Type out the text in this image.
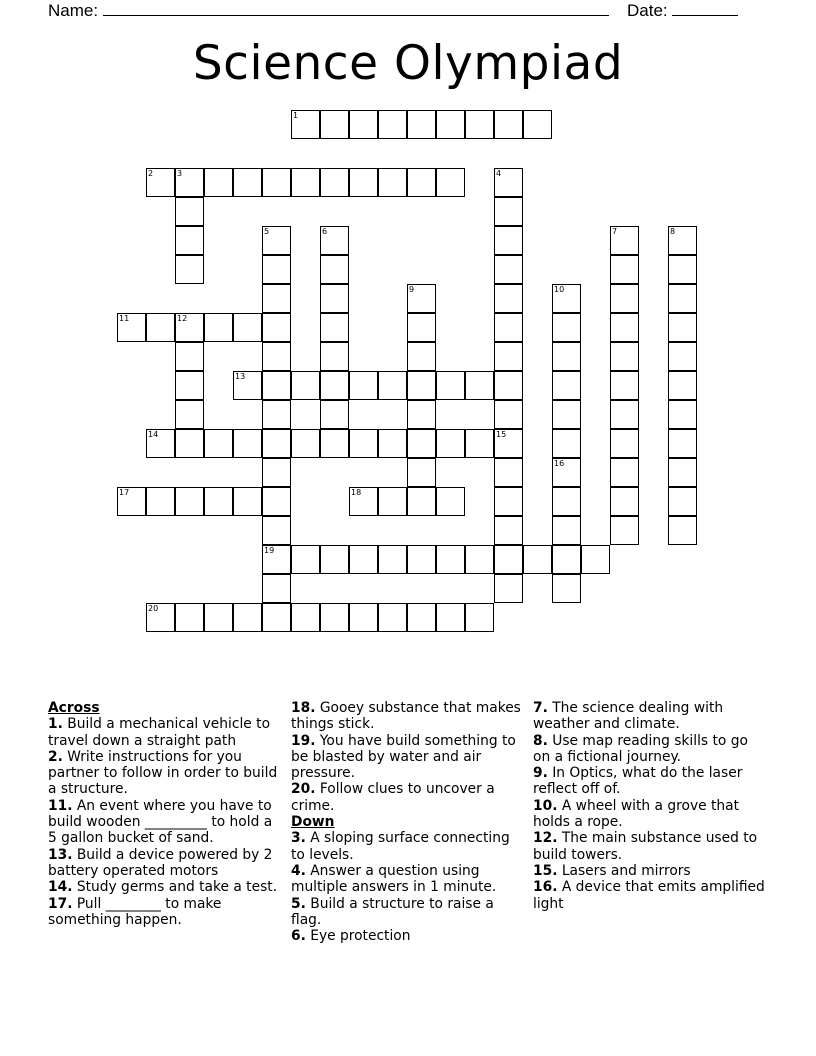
Name:	Date:
Science Olympiad
1
2	3	4
5
19
6	7	8
9	10
11	12
13
14	15
16
17	18
20
Across
1. Build a mechanical vehicle to travel down a straight path
2. Write instructions for you partner to follow in order to build a structure.
11. An event where you have to build wooden _________ to hold a 5 gallon bucket of sand.
13. Build a device powered by 2 battery operated motors
14. Study germs and take a test.
17. Pull ________ to make something happen.
18. Gooey substance that makes things stick.
19. You have build something to be blasted by water and air pressure.
20. Follow clues to uncover a crime.
Down
3. A sloping surface connecting to levels.
4. Answer a question using multiple answers in 1 minute.
5. Build a structure to raise a flag.
6. Eye protection
7. The science dealing with weather and climate.
8. Use map reading skills to go on a fictional journey.
9. In Optics, what do the laser reflect off of.
10. A wheel with a grove that holds a rope.
12. The main substance used to build towers.
15. Lasers and mirrors
16. A device that emits amplified light
